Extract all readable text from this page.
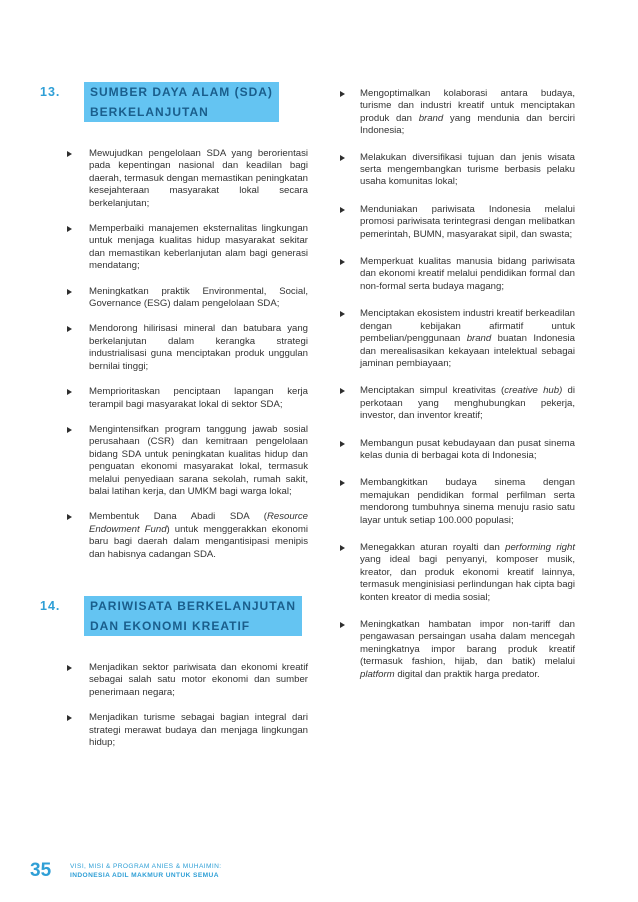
13. SUMBER DAYA ALAM (SDA)
BERKELANJUTAN
Mewujudkan pengelolaan SDA yang berorientasi pada kepentingan nasional dan keadilan bagi daerah, termasuk dengan memastikan peningkatan kesejahteraan masyarakat lokal secara berkelanjutan;
Memperbaiki manajemen eksternalitas lingkungan untuk menjaga kualitas hidup masyarakat sekitar dan memastikan keberlanjutan alam bagi generasi mendatang;
Meningkatkan praktik Environmental, Social, Governance (ESG) dalam pengelolaan SDA;
Mendorong hilirisasi mineral dan batubara yang berkelanjutan dalam kerangka strategi industrialisasi guna menciptakan produk unggulan bernilai tinggi;
Memprioritaskan penciptaan lapangan kerja terampil bagi masyarakat lokal di sektor SDA;
Mengintensifkan program tanggung jawab sosial perusahaan (CSR) dan kemitraan pengelolaan bidang SDA untuk peningkatan kualitas hidup dan penguatan ekonomi masyarakat lokal, termasuk melalui penyediaan sarana sekolah, rumah sakit, balai latihan kerja, dan UMKM bagi warga lokal;
Membentuk Dana Abadi SDA (Resource Endowment Fund) untuk menggerakkan ekonomi baru bagi daerah dalam mengantisipasi menipis dan habisnya cadangan SDA.
14. PARIWISATA BERKELANJUTAN
DAN EKONOMI KREATIF
Menjadikan sektor pariwisata dan ekonomi kreatif sebagai salah satu motor ekonomi dan sumber penerimaan negara;
Menjadikan turisme sebagai bagian integral dari strategi merawat budaya dan menjaga lingkungan hidup;
Mengoptimalkan kolaborasi antara budaya, turisme dan industri kreatif untuk menciptakan produk dan brand yang mendunia dan berciri Indonesia;
Melakukan diversifikasi tujuan dan jenis wisata serta mengembangkan turisme berbasis pelaku usaha komunitas lokal;
Menduniakan pariwisata Indonesia melalui promosi pariwisata terintegrasi dengan melibatkan pemerintah, BUMN, masyarakat sipil, dan swasta;
Memperkuat kualitas manusia bidang pariwisata dan ekonomi kreatif melalui pendidikan formal dan non-formal serta budaya magang;
Menciptakan ekosistem industri kreatif berkeadilan dengan kebijakan afirmatif untuk pembelian/penggunaan brand buatan Indonesia dan merealisasikan kekayaan intelektual sebagai jaminan pembiayaan;
Menciptakan simpul kreativitas (creative hub) di perkotaan yang menghubungkan pekerja, investor, dan inventor kreatif;
Membangun pusat kebudayaan dan pusat sinema kelas dunia di berbagai kota di Indonesia;
Membangkitkan budaya sinema dengan memajukan pendidikan formal perfilman serta mendorong tumbuhnya sinema menuju rasio satu layar untuk setiap 100.000 populasi;
Menegakkan aturan royalti dan performing right yang ideal bagi penyanyi, komposer musik, kreator, dan produk ekonomi kreatif lainnya, termasuk menginisiasi perlindungan hak cipta bagi konten kreator di media sosial;
Meningkatkan hambatan impor non-tariff dan pengawasan persaingan usaha dalam mencegah meningkatnya impor barang produk kreatif (termasuk fashion, hijab, dan batik) melalui platform digital dan praktik harga predator.
35	VISI, MISI & PROGRAM ANIES & MUHAIMIN:
INDONESIA ADIL MAKMUR UNTUK SEMUA
